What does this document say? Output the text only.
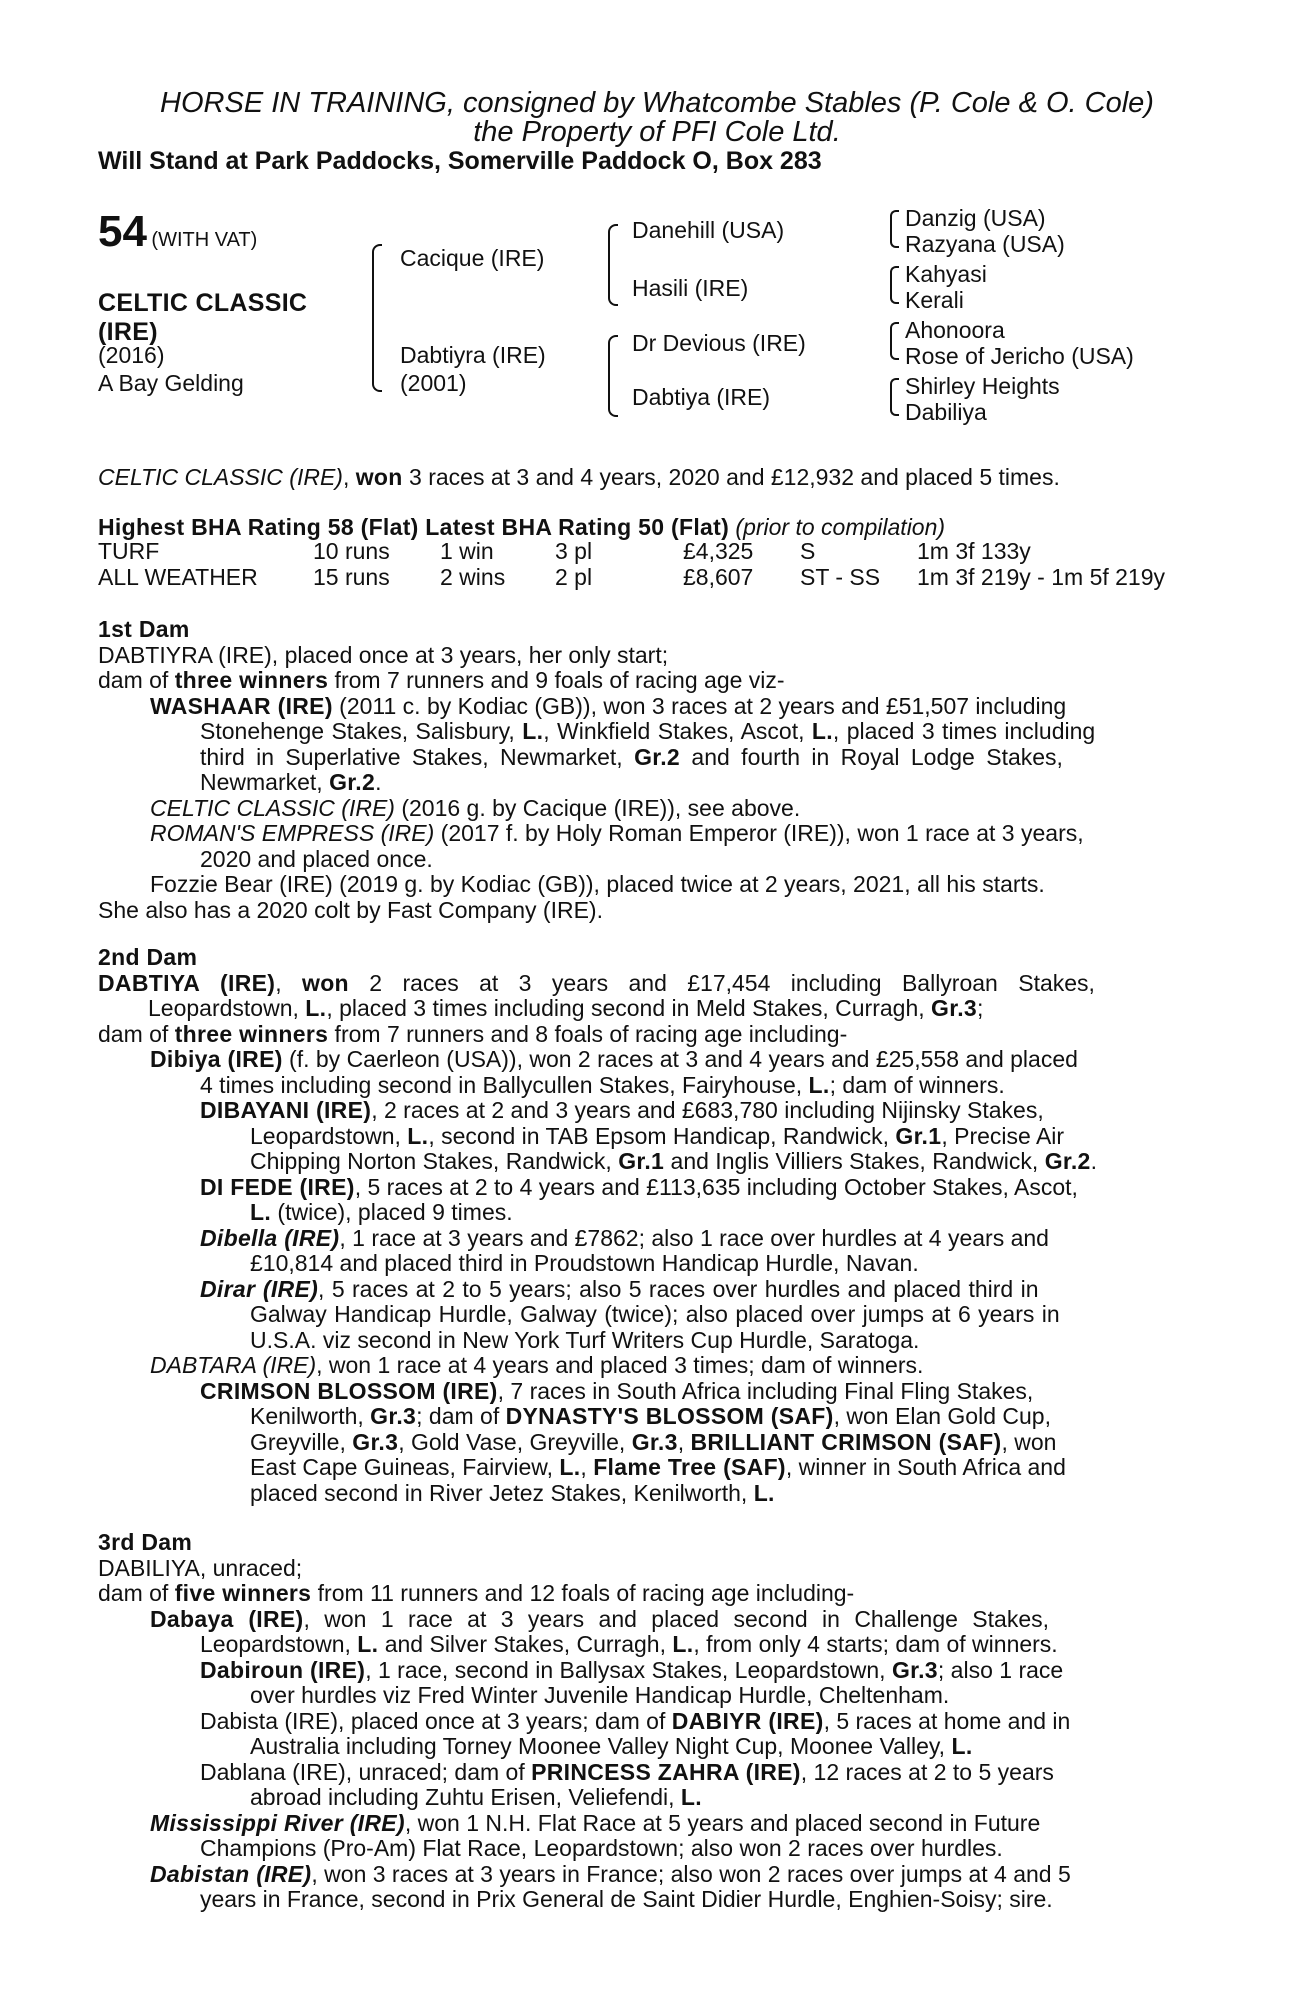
HORSE IN TRAINING, consigned by Whatcombe Stables (P. Cole & O. Cole)
the Property of PFI Cole Ltd.
Will Stand at Park Paddocks, Somerville Paddock O, Box 283
54 (WITH VAT)
CELTIC CLASSIC
(IRE)
(2016)
A Bay Gelding
Cacique (IRE)
Dabtiyra (IRE)
(2001)
Danehill (USA)
Hasili (IRE)
Dr Devious (IRE)
Dabtiya (IRE)
Danzig (USA)
Razyana (USA)
Kahyasi
Kerali
Ahonoora
Rose of Jericho (USA)
Shirley Heights
Dabiliya
CELTIC CLASSIC (IRE), won 3 races at 3 and 4 years, 2020 and £12,932 and placed 5 times.
Highest BHA Rating 58 (Flat) Latest BHA Rating 50 (Flat) (prior to compilation)
TURF	10 runs 1 win	3 pl	£4,325 S	1m 3f 133y
ALL WEATHER 15 runs 2 wins 2 pl	£8,607 ST - SS 1m 3f 219y - 1m 5f 219y
1st Dam
DABTIYRA (IRE), placed once at 3 years, her only start;
dam of three winners from 7 runners and 9 foals of racing age viz-
WASHAAR (IRE) (2011 c. by Kodiac (GB)), won 3 races at 2 years and £51,507 including
Stonehenge Stakes, Salisbury, L., Winkfield Stakes, Ascot, L., placed 3 times including
third in Superlative Stakes, Newmarket, Gr.2 and fourth in Royal Lodge Stakes,
Newmarket, Gr.2.
CELTIC CLASSIC (IRE) (2016 g. by Cacique (IRE)), see above.
ROMAN'S EMPRESS (IRE) (2017 f. by Holy Roman Emperor (IRE)), won 1 race at 3 years,
2020 and placed once.
Fozzie Bear (IRE) (2019 g. by Kodiac (GB)), placed twice at 2 years, 2021, all his starts.
She also has a 2020 colt by Fast Company (IRE).
2nd Dam
DABTIYA (IRE), won 2 races at 3 years and £17,454 including Ballyroan Stakes,
Leopardstown, L., placed 3 times including second in Meld Stakes, Curragh, Gr.3;
dam of three winners from 7 runners and 8 foals of racing age including-
Dibiya (IRE) (f. by Caerleon (USA)), won 2 races at 3 and 4 years and £25,558 and placed
4 times including second in Ballycullen Stakes, Fairyhouse, L.; dam of winners.
DIBAYANI (IRE), 2 races at 2 and 3 years and £683,780 including Nijinsky Stakes,
Leopardstown, L., second in TAB Epsom Handicap, Randwick, Gr.1, Precise Air
Chipping Norton Stakes, Randwick, Gr.1 and Inglis Villiers Stakes, Randwick, Gr.2.
DI FEDE (IRE), 5 races at 2 to 4 years and £113,635 including October Stakes, Ascot,
L. (twice), placed 9 times.
Dibella (IRE), 1 race at 3 years and £7862; also 1 race over hurdles at 4 years and
£10,814 and placed third in Proudstown Handicap Hurdle, Navan.
Dirar (IRE), 5 races at 2 to 5 years; also 5 races over hurdles and placed third in
Galway Handicap Hurdle, Galway (twice); also placed over jumps at 6 years in
U.S.A. viz second in New York Turf Writers Cup Hurdle, Saratoga.
DABTARA (IRE), won 1 race at 4 years and placed 3 times; dam of winners.
CRIMSON BLOSSOM (IRE), 7 races in South Africa including Final Fling Stakes,
Kenilworth, Gr.3; dam of DYNASTY'S BLOSSOM (SAF), won Elan Gold Cup,
Greyville, Gr.3, Gold Vase, Greyville, Gr.3, BRILLIANT CRIMSON (SAF), won
East Cape Guineas, Fairview, L., Flame Tree (SAF), winner in South Africa and
placed second in River Jetez Stakes, Kenilworth, L.
3rd Dam
DABILIYA, unraced;
dam of five winners from 11 runners and 12 foals of racing age including-
Dabaya (IRE), won 1 race at 3 years and placed second in Challenge Stakes,
Leopardstown, L. and Silver Stakes, Curragh, L., from only 4 starts; dam of winners.
Dabiroun (IRE), 1 race, second in Ballysax Stakes, Leopardstown, Gr.3; also 1 race
over hurdles viz Fred Winter Juvenile Handicap Hurdle, Cheltenham.
Dabista (IRE), placed once at 3 years; dam of DABIYR (IRE), 5 races at home and in
Australia including Torney Moonee Valley Night Cup, Moonee Valley, L.
Dablana (IRE), unraced; dam of PRINCESS ZAHRA (IRE), 12 races at 2 to 5 years
abroad including Zuhtu Erisen, Veliefendi, L.
Mississippi River (IRE), won 1 N.H. Flat Race at 5 years and placed second in Future
Champions (Pro-Am) Flat Race, Leopardstown; also won 2 races over hurdles.
Dabistan (IRE), won 3 races at 3 years in France; also won 2 races over jumps at 4 and 5
years in France, second in Prix General de Saint Didier Hurdle, Enghien-Soisy; sire.
